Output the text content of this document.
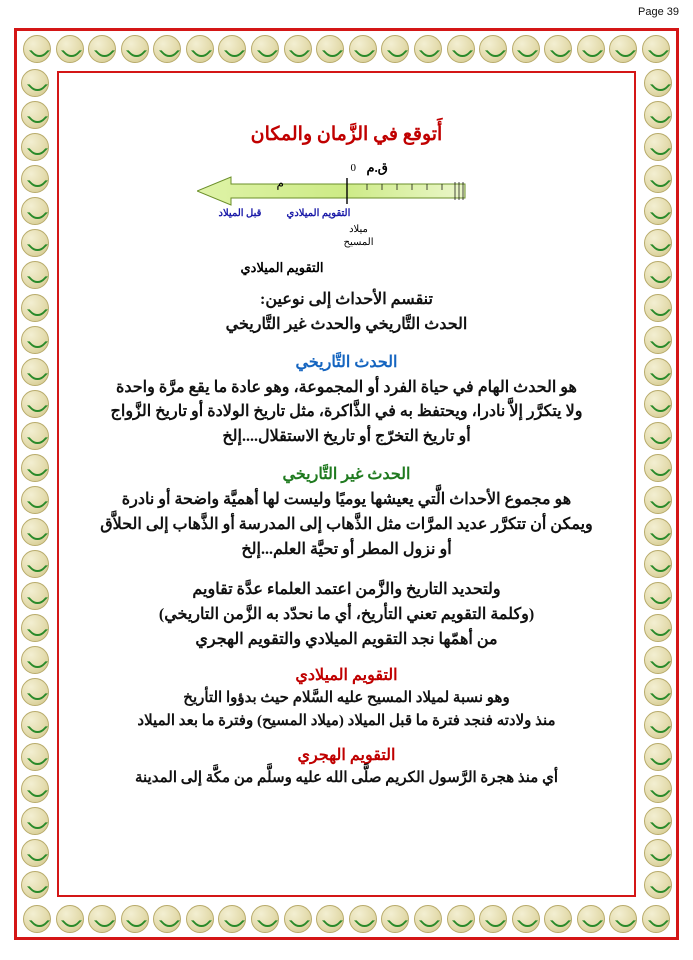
Page 39
أَتوقع في الزَّمان والمكان
0 ق.م
م
قبل الميلاد	التقويم الميلادي
ميلاد
المسيح
التقويم الميلادي

تنقسم الأحداث إلى نوعين:

الحدث التَّاريخي والحدث غير التَّاريخي

الحدث التَّاريخي

هو الحدث الهام في حياة الفرد أو المجموعة، وهو عادة ما يقع مرَّة واحدة

ولا يتكرَّر إلاَّ نادرا، ويحتفظ به في الذَّاكرة، مثل تاريخ الولادة أو تاريخ الزَّواج

أو تاريخ التخرّج أو تاريخ الاستقلال....إلخ

الحدث غير التَّاريخي

هو مجموع الأحداث الَّتي يعيشها يوميًا وليست لها أهميَّة واضحة أو نادرة

ويمكن أن تتكرَّر عديد المرَّات مثل الذَّهاب إلى المدرسة أو الذَّهاب إلى الحلاَّق

أو نزول المطر أو تحيَّة العلم...إلخ

ولتحديد التاريخ والزَّمن اعتمد العلماء عدَّة تقاويم

(وكلمة التقويم تعني التأريخ، أي ما نحدّد به الزَّمن التاريخي)

من أهمّها نجد التقويم الميلادي والتقويم الهجري

التقويم الميلادي

وهو نسبة لميلاد المسيح عليه السَّلام حيث بدؤوا التأريخ

منذ ولادته فنجد فترة ما قبل الميلاد (ميلاد المسيح) وفترة ما بعد الميلاد

التقويم الهجري

أي منذ هجرة الرَّسول الكريم صلَّى الله عليه وسلَّم من مكَّة إلى المدينة
